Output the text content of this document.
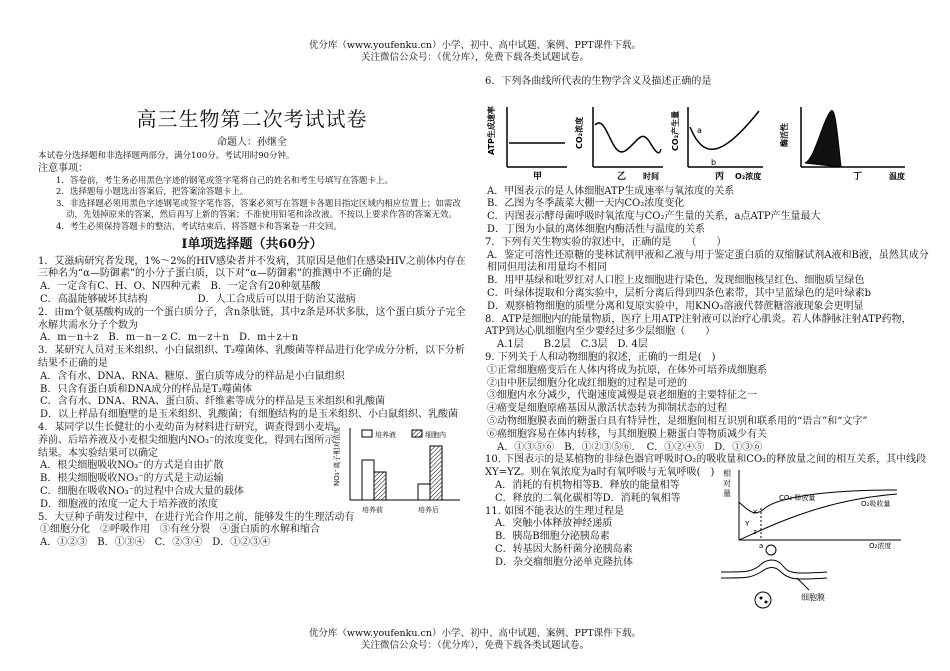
优分库（www.youfenku.cn）小学、初中、高中试题、案例、PPT课件下载。
关注微信公众号：（优分库），免费下载各类试题试卷。
高三生物第二次考试试卷
命题人：孙继全
本试卷分选择题和非选择题两部分，满分100分。考试用时90分钟。
注意事项：
1．答卷前，考生务必用黑色字迹的钢笔或签字笔将自己的姓名和考生号填写在答题卡上。
2．选择题每小题选出答案后，把答案涂答题卡上。
3．非选择题必须用黑色字迹钢笔或签字笔作答，答案必须写在答题卡各题目指定区域内相应位置上；如需改动，先划掉原来的答案，然后再写上新的答案；不准使用铅笔和涂改液。不按以上要求作答的答案无效。
4．考生必须保持答题卡的整洁，考试结束后，将答题卡和答案卷一并交回。
Ⅰ单项选择题（共60分）
1．艾滋病研究者发现，1%～2%的HIV感染者并不发病，其原因是他们在感染HIV之前体内存在三种名为“α—防御素”的小分子蛋白质，以下对“α—防御素”的推测中不正确的是
A．一定含有C、H、O、N四种元素　B．一定含有20种氨基酸
C．高温能够破坏其结构　　　　　D．人工合成后可以用于防治艾滋病
2．由m个氨基酸构成的一个蛋白质分子，含n条肽链，其中z条是环状多肽，这个蛋白质分子完全水解共需水分子个数为
A．m－n＋z　B．m－n－z C．m－z＋n　D．m＋z＋n
3．某研究人员对玉米组织、小白鼠组织、T₂噬菌体、乳酸菌等样品进行化学成分分析，以下分析结果不正确的是
A．含有水、DNA、RNA、糖原、蛋白质等成分的样品是小白鼠组织
B．只含有蛋白质和DNA成分的样品是T₂噬菌体
C．含有水、DNA、RNA、蛋白质、纤维素等成分的样品是玉米组织和乳酸菌
D．以上样品有细胞壁的是玉米组织、乳酸菌；有细胞结构的是玉米组织、小白鼠组织、乳酸菌
4．某同学以生长健壮的小麦幼苗为材料进行研究，调查得到小麦培养前、后培养液及小麦根尖细胞内NO₃⁻的浓度变化，得到右图所示结果。本实验结果可以确定
A．根尖细胞吸收NO₃⁻的方式是自由扩散
B．根尖细胞吸收NO₃⁻的方式是主动运输
C．细胞在吸收NO₃⁻的过程中合成大量的载体
D．细胞液的浓度一定大于培养液的浓度
NO₃⁻离子相对浓度	培养液	细胞内
培养前	培养后
5．大豆种子萌发过程中，在进行光合作用之前，能够发生的生理活动有
①细胞分化　②呼吸作用　③有丝分裂　④蛋白质的水解和缩合
A．①②③　B．①③④　C．②③④　D．①②③④
6．下列各曲线所代表的生物学含义及描述正确的是
ATP生成速率
甲
CO₂浓度
乙 时间
CO₂产生量 a
b
丙 O₂浓度
酶活性
丁	温度
A．甲图表示的是人体细胞ATP生成速率与氧浓度的关系
B．乙图为冬季蔬菜大棚一天内CO₂浓度变化
C．丙图表示酵母菌呼吸时氧浓度与CO₂产生量的关系，a点ATP产生量最大
D．丁图为小鼠的离体细胞内酶活性与温度的关系
7．下列有关生物实验的叙述中，正确的是　　（　　）
A．鉴定可溶性还原糖的斐林试剂甲液和乙液与用于鉴定蛋白质的双缩脲试剂A液和B液，虽然其成分相同但用法和用量均不相同
B．用甲基绿和吡罗红对人口腔上皮细胞进行染色，发现细胞核呈红色、细胞质呈绿色
C．叶绿体提取和分离实验中，层析分离后得到四条色素带，其中呈蓝绿色的是叶绿素b
D．观察植物细胞的质壁分离和复原实验中，用KNO₃溶液代替蔗糖溶液现象会更明显
8．ATP是细胞内的能量物质，医疗上用ATP注射液可以治疗心肌炎。若人体静脉注射ATP药物，ATP到达心肌细胞内至少要经过多少层细胞（　　）
A.1层　　B.2层　C.3层　D. 4层
9. 下列关于人和动物细胞的叙述，正确的一组是(　)
①正常细胞癌变后在人体内将成为抗原，在体外可培养成细胞系
②由中胚层细胞分化成红细胞的过程是可逆的
③细胞内水分减少，代谢速度减慢是衰老细胞的主要特征之一
④癌变是细胞原癌基因从激活状态转为抑制状态的过程
⑤动物细胞膜表面的糖蛋白具有特异性，是细胞间相互识别和联系用的“语言”和“文字”
⑥癌细胞容易在体内转移，与其细胞膜上糖蛋白等物质减少有关
A．①③⑤⑥　B．①②③⑤⑥．　C．①②④⑤　D．①③⑥
10. 下图表示的是某植物的非绿色器官呼吸时O₂的吸收量和CO₂的释放量之间的相互关系，其中线段XY=YZ。则在氧浓度为a时有氧呼吸与无氧呼吸(　)
A．消耗的有机物相等B．释放的能量相等
C．释放的二氧化碳相等D．消耗的氧相等
11. 如图不能表达的生理过程是
A．突触小体释放神经递质
B．胰岛B细胞分泌胰岛素
C．转基因大肠杆菌分泌胰岛素
D．杂交瘤细胞分泌单克隆抗体
相
对
量	CO₂ 释放量
O₂吸收量
x
Y
z
a	O₂浓度
细胞膜
优分库（www.youfenku.cn）小学、初中、高中试题、案例、PPT课件下载。
关注微信公众号：（优分库），免费下载各类试题试卷。
